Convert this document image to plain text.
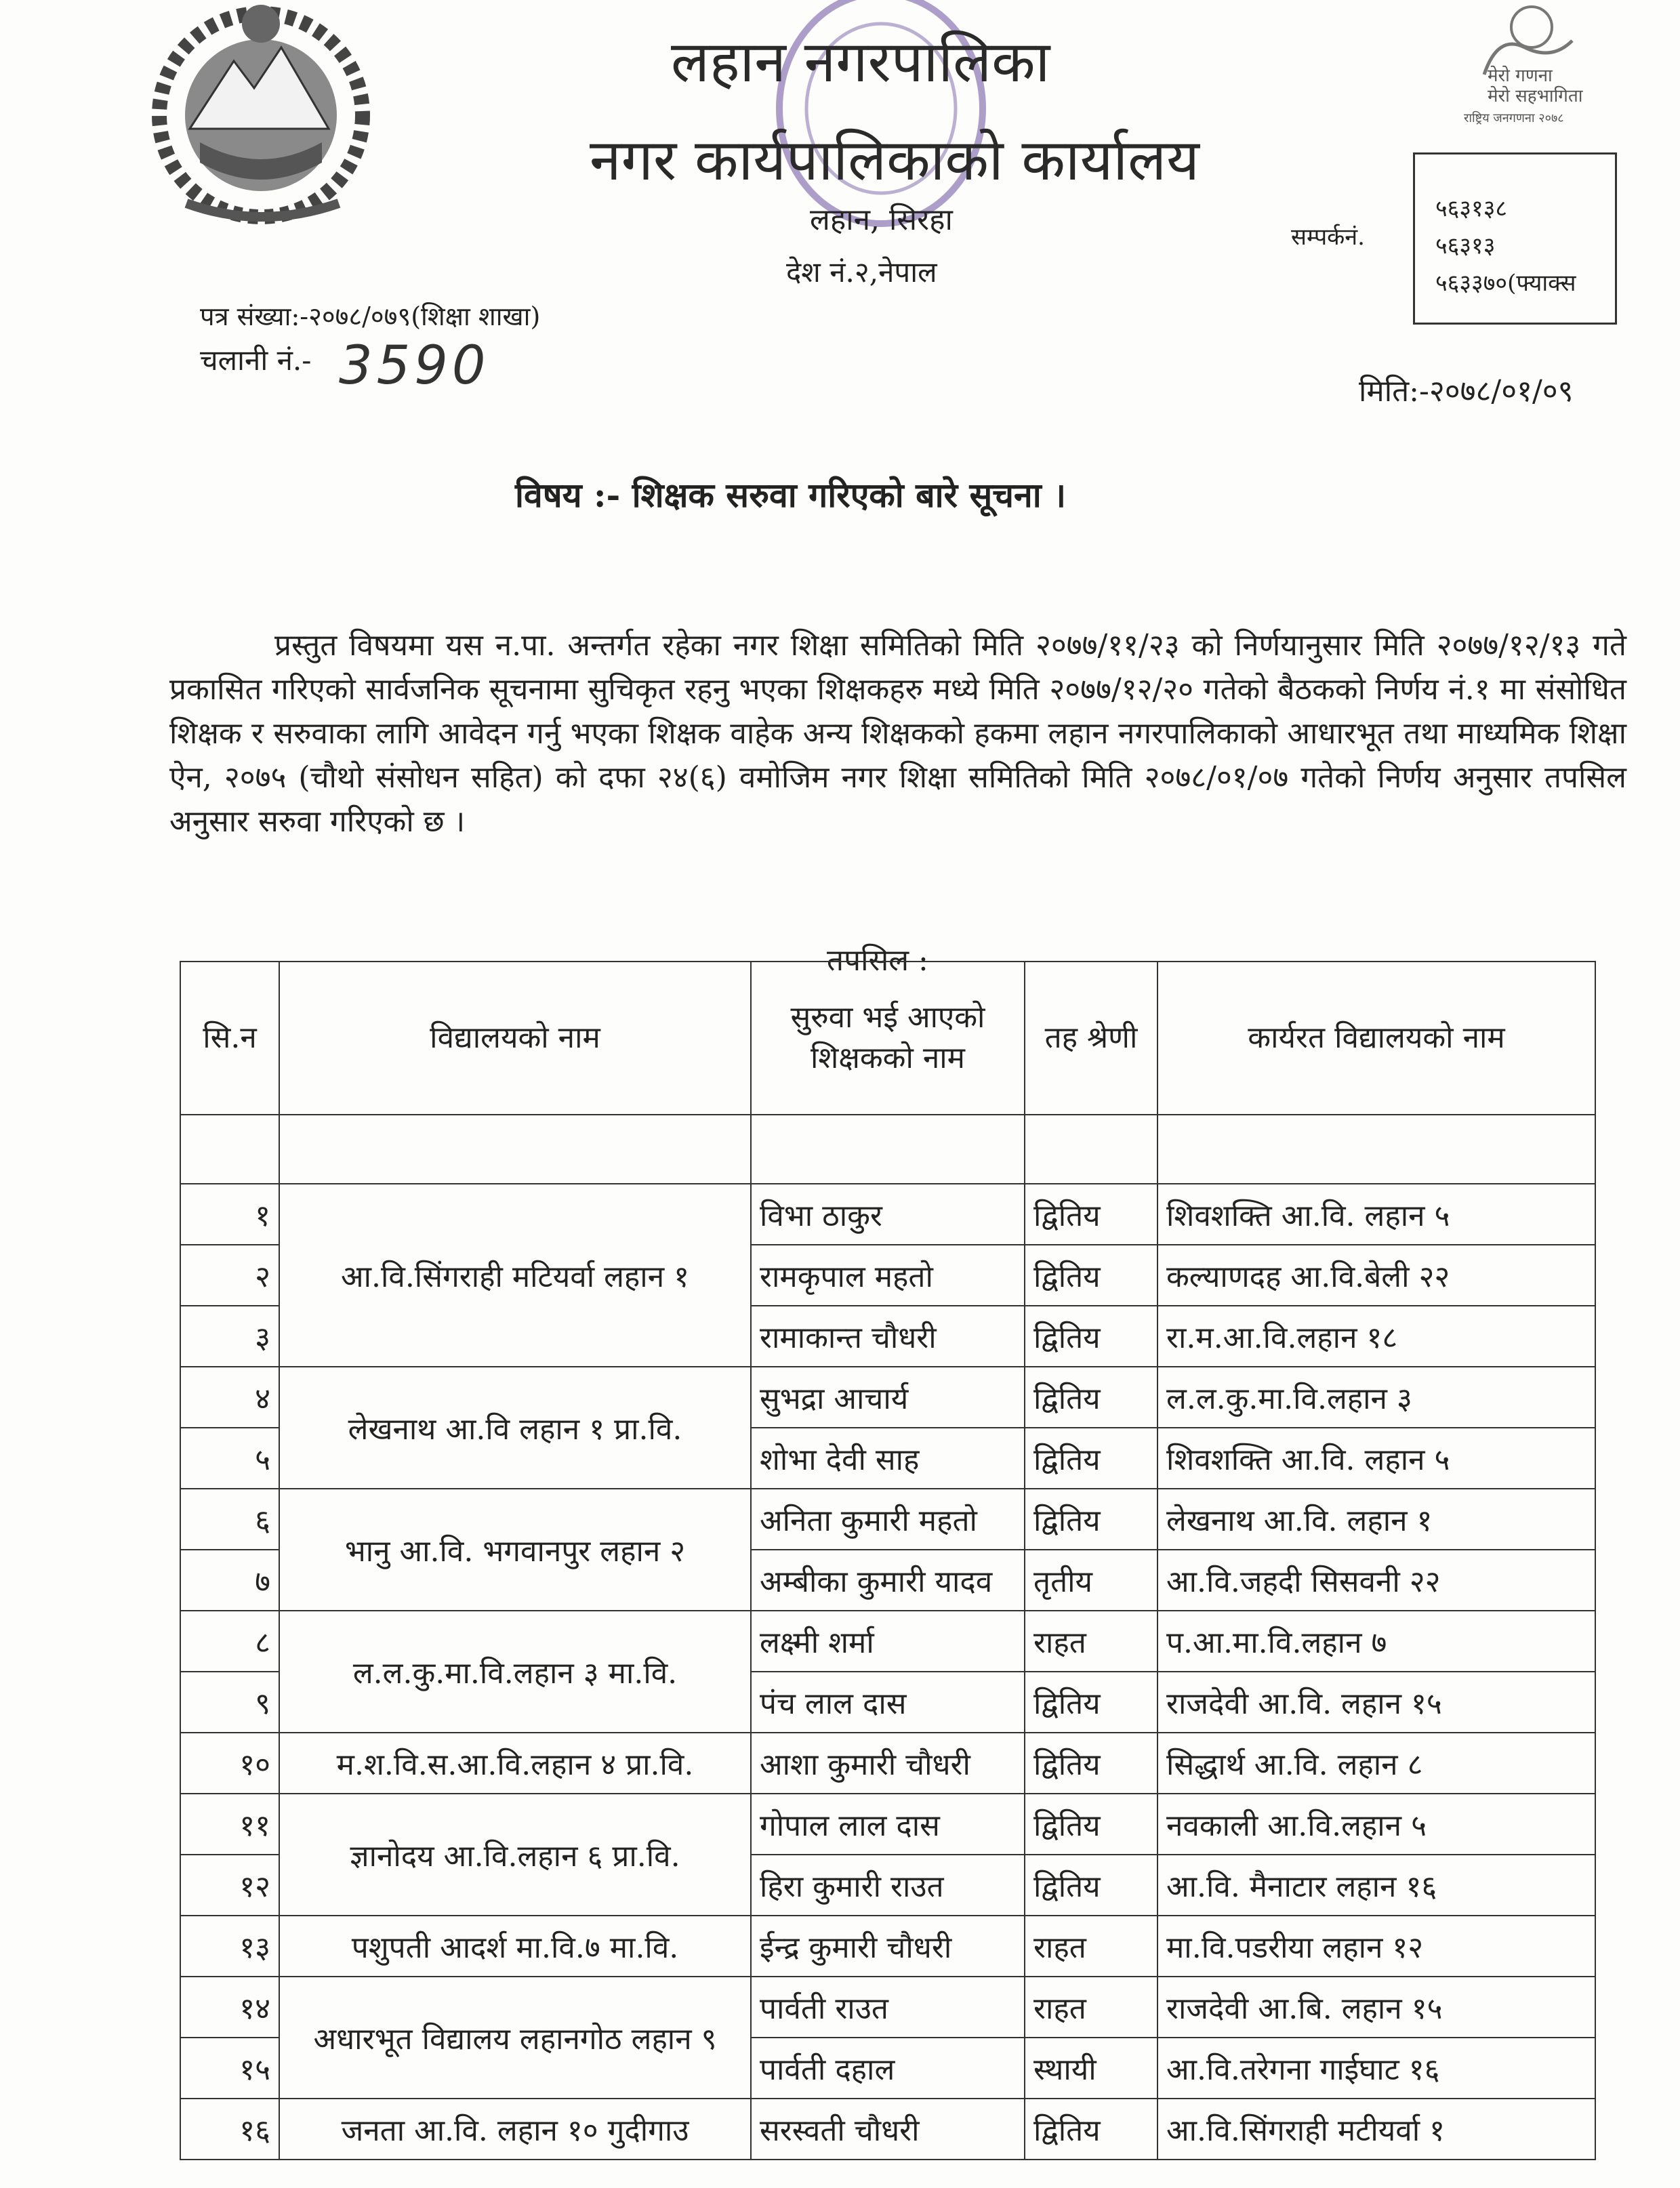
मेरो गणना
मेरो सहभागिता
राष्ट्रिय जनगणना २०७८
लहान नगरपालिका
नगर कार्यपालिकाको कार्यालय
लहान, सिरहा
देश नं.२,नेपाल
सम्पर्कनं.
५६३१३८
५६३१३
५६३३७०(फ्याक्स
पत्र संख्या:-२०७८/०७९(शिक्षा शाखा)
चलानी नं.- 3590	मिति:-२०७८/०१/०९
विषय :- शिक्षक सरुवा गरिएको बारे सूचना ।

प्रस्तुत विषयमा यस न.पा. अन्तर्गत रहेका नगर शिक्षा समितिको मिति २०७७/११/२३ को निर्णयानुसार मिति २०७७/१२/१३ गते प्रकासित गरिएको सार्वजनिक सूचनामा सुचिकृत रहनु भएका शिक्षकहरु मध्ये मिति २०७७/१२/२० गतेको बैठकको निर्णय नं.१ मा संसोधित शिक्षक र सरुवाका लागि आवेदन गर्नु भएका शिक्षक वाहेक अन्य शिक्षकको हकमा लहान नगरपालिकाको आधारभूत तथा माध्यमिक शिक्षा ऐन, २०७५ (चौथो संसोधन सहित) को दफा २४(६) वमोजिम नगर शिक्षा समितिको मिति २०७८/०१/०७ गतेको निर्णय अनुसार तपसिल अनुसार सरुवा गरिएको छ ।

तपसिल :
सि.न	विद्यालयको नाम	सुरुवा भई आएको शिक्षकको नाम	तह श्रेणी	कार्यरत विद्यालयको नाम

१	आ.वि.सिंगराही मटियर्वा लहान १	विभा ठाकुर	द्वितिय	शिवशक्ति आ.वि. लहान ५
२		रामकृपाल महतो	द्वितिय	कल्याणदह आ.वि.बेली २२
३		रामाकान्त चौधरी	द्वितिय	रा.म.आ.वि.लहान १८
४	लेखनाथ आ.वि लहान १ प्रा.वि.	सुभद्रा आचार्य	द्वितिय	ल.ल.कु.मा.वि.लहान ३
५		शोभा देवी साह	द्वितिय	शिवशक्ति आ.वि. लहान ५
६	भानु आ.वि. भगवानपुर लहान २	अनिता कुमारी महतो	द्वितिय	लेखनाथ आ.वि. लहान १
७		अम्बीका कुमारी यादव	तृतीय	आ.वि.जहदी सिसवनी २२
८	ल.ल.कु.मा.वि.लहान ३ मा.वि.	लक्ष्मी शर्मा	राहत	प.आ.मा.वि.लहान ७
९		पंच लाल दास	द्वितिय	राजदेवी आ.वि. लहान १५
१०	म.श.वि.स.आ.वि.लहान ४ प्रा.वि.	आशा कुमारी चौधरी	द्वितिय	सिद्धार्थ आ.वि. लहान ८
११	ज्ञानोदय आ.वि.लहान ६ प्रा.वि.	गोपाल लाल दास	द्वितिय	नवकाली आ.वि.लहान ५
१२		हिरा कुमारी राउत	द्वितिय	आ.वि. मैनाटार लहान १६
१३	पशुपती आदर्श मा.वि.७ मा.वि.	ईन्द्र कुमारी चौधरी	राहत	मा.वि.पडरीया लहान १२
१४	अधारभूत विद्यालय लहानगोठ लहान ९	पार्वती राउत	राहत	राजदेवी आ.बि. लहान १५
१५		पार्वती दहाल	स्थायी	आ.वि.तरेगना गाईघाट १६
१६	जनता आ.वि. लहान १० गुदीगाउ	सरस्वती चौधरी	द्वितिय	आ.वि.सिंगराही मटीयर्वा १
